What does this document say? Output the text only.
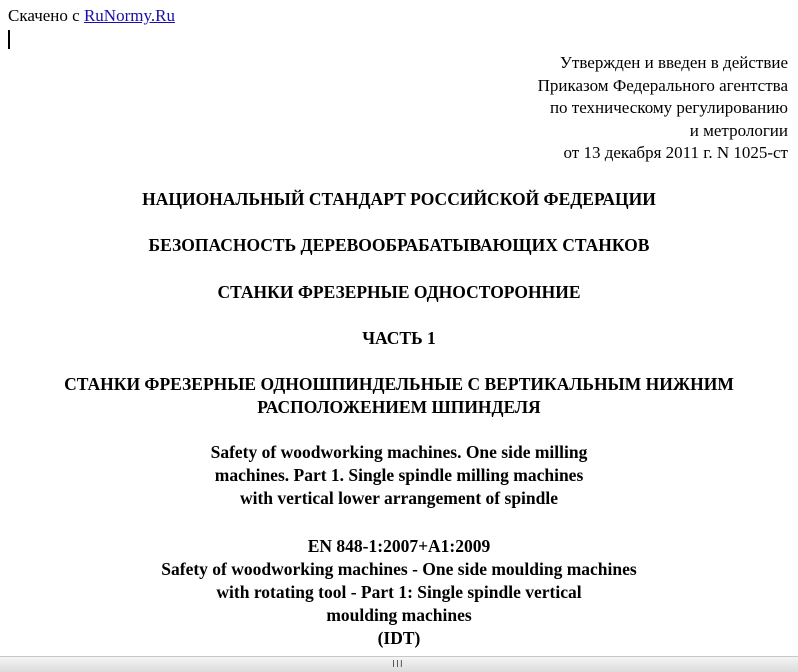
Скачено с RuNormy.Ru
Утвержден и введен в действие
Приказом Федерального агентства
по техническому регулированию
и метрологии
от 13 декабря 2011 г. N 1025-ст
НАЦИОНАЛЬНЫЙ СТАНДАРТ РОССИЙСКОЙ ФЕДЕРАЦИИ
БЕЗОПАСНОСТЬ ДЕРЕВООБРАБАТЫВАЮЩИХ СТАНКОВ
СТАНКИ ФРЕЗЕРНЫЕ ОДНОСТОРОННИЕ
ЧАСТЬ 1
СТАНКИ ФРЕЗЕРНЫЕ ОДНОШПИНДЕЛЬНЫЕ С ВЕРТИКАЛЬНЫМ НИЖНИМ
РАСПОЛОЖЕНИЕМ ШПИНДЕЛЯ
Safety of woodworking machines. One side milling
machines. Part 1. Single spindle milling machines
with vertical lower arrangement of spindle
EN 848-1:2007+A1:2009
Safety of woodworking machines - One side moulding machines
with rotating tool - Part 1: Single spindle vertical
moulding machines
(IDT)
III
